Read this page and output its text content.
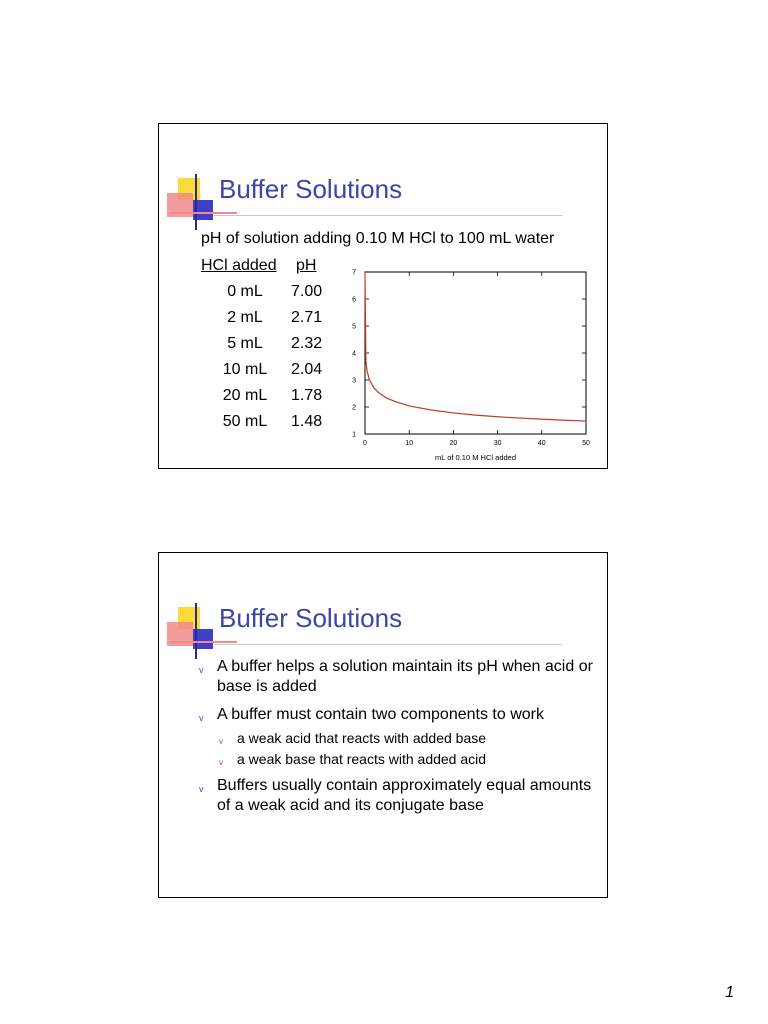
Buffer Solutions
pH of solution adding 0.10 M HCl to 100 mL water
HCl added	pH
0 mL	7.00
2 mL	2.71
5 mL	2.32
10 mL	2.04
20 mL	1.78
50 mL	1.48
0	10	20	30	40	50
1
2
3
4
5
6
7
mL of 0.10 M HCl added
Buffer Solutions
v A buffer helps a solution maintain its pH when acid or base is added
v A buffer must contain two components to work
v a weak acid that reacts with added base
v a weak base that reacts with added acid
v Buffers usually contain approximately equal amounts of a weak acid and its conjugate base
1
